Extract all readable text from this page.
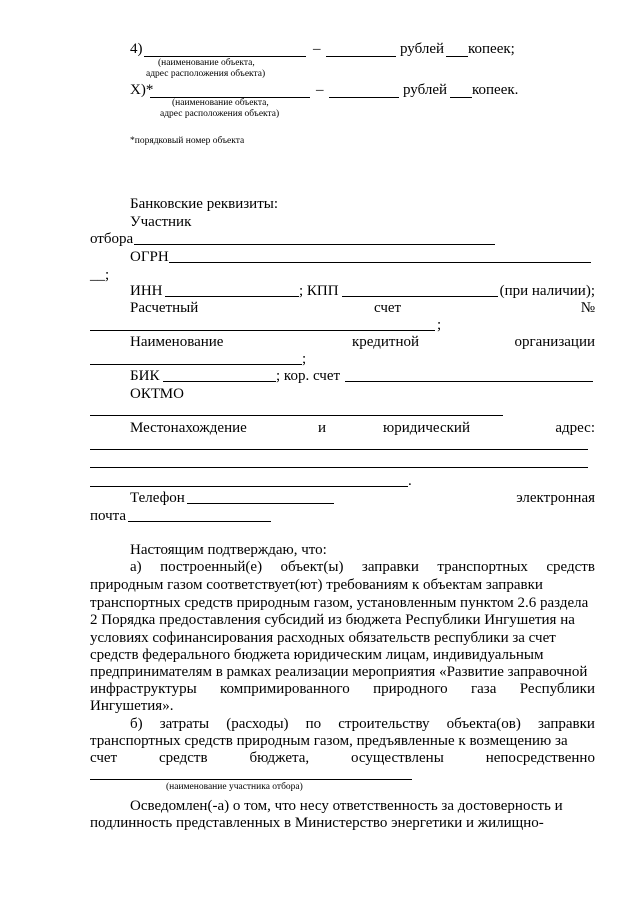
4)	–	рублей копеек;
(наименование объекта,
адрес расположения объекта)
Х)*	–	рублей копеек.
(наименование объекта,
адрес расположения объекта)
*порядковый номер объекта
Банковские реквизиты:
Участник
отбора
ОГРН
__;
ИНН	; КПП	(при наличии);
Расчетный	счет	№
;
Наименование	кредитной	организации
;
БИК	; кор. счет
ОКТМО
Местонахождение	и	юридический	адрес:
.
Телефон	электронная
почта
Настоящим подтверждаю, что:
а) построенный(е) объект(ы) заправки транспортных средств
природным газом соответствует(ют) требованиям к объектам заправки
транспортных средств природным газом, установленным пунктом 2.6 раздела
2 Порядка предоставления субсидий из бюджета Республики Ингушетия на
условиях софинансирования расходных обязательств республики за счет
средств федерального бюджета юридическим лицам, индивидуальным
предпринимателям в рамках реализации мероприятия «Развитие заправочной
инфраструктуры компримированного природного газа Республики
Ингушетия».
б) затраты (расходы) по строительству объекта(ов) заправки
транспортных средств природным газом, предъявленные к возмещению за
счет	средств	бюджета,	осуществлены	непосредственно
(наименование участника отбора)
Осведомлен(-а) о том, что несу ответственность за достоверность и
подлинность представленных в Министерство энергетики и жилищно-
